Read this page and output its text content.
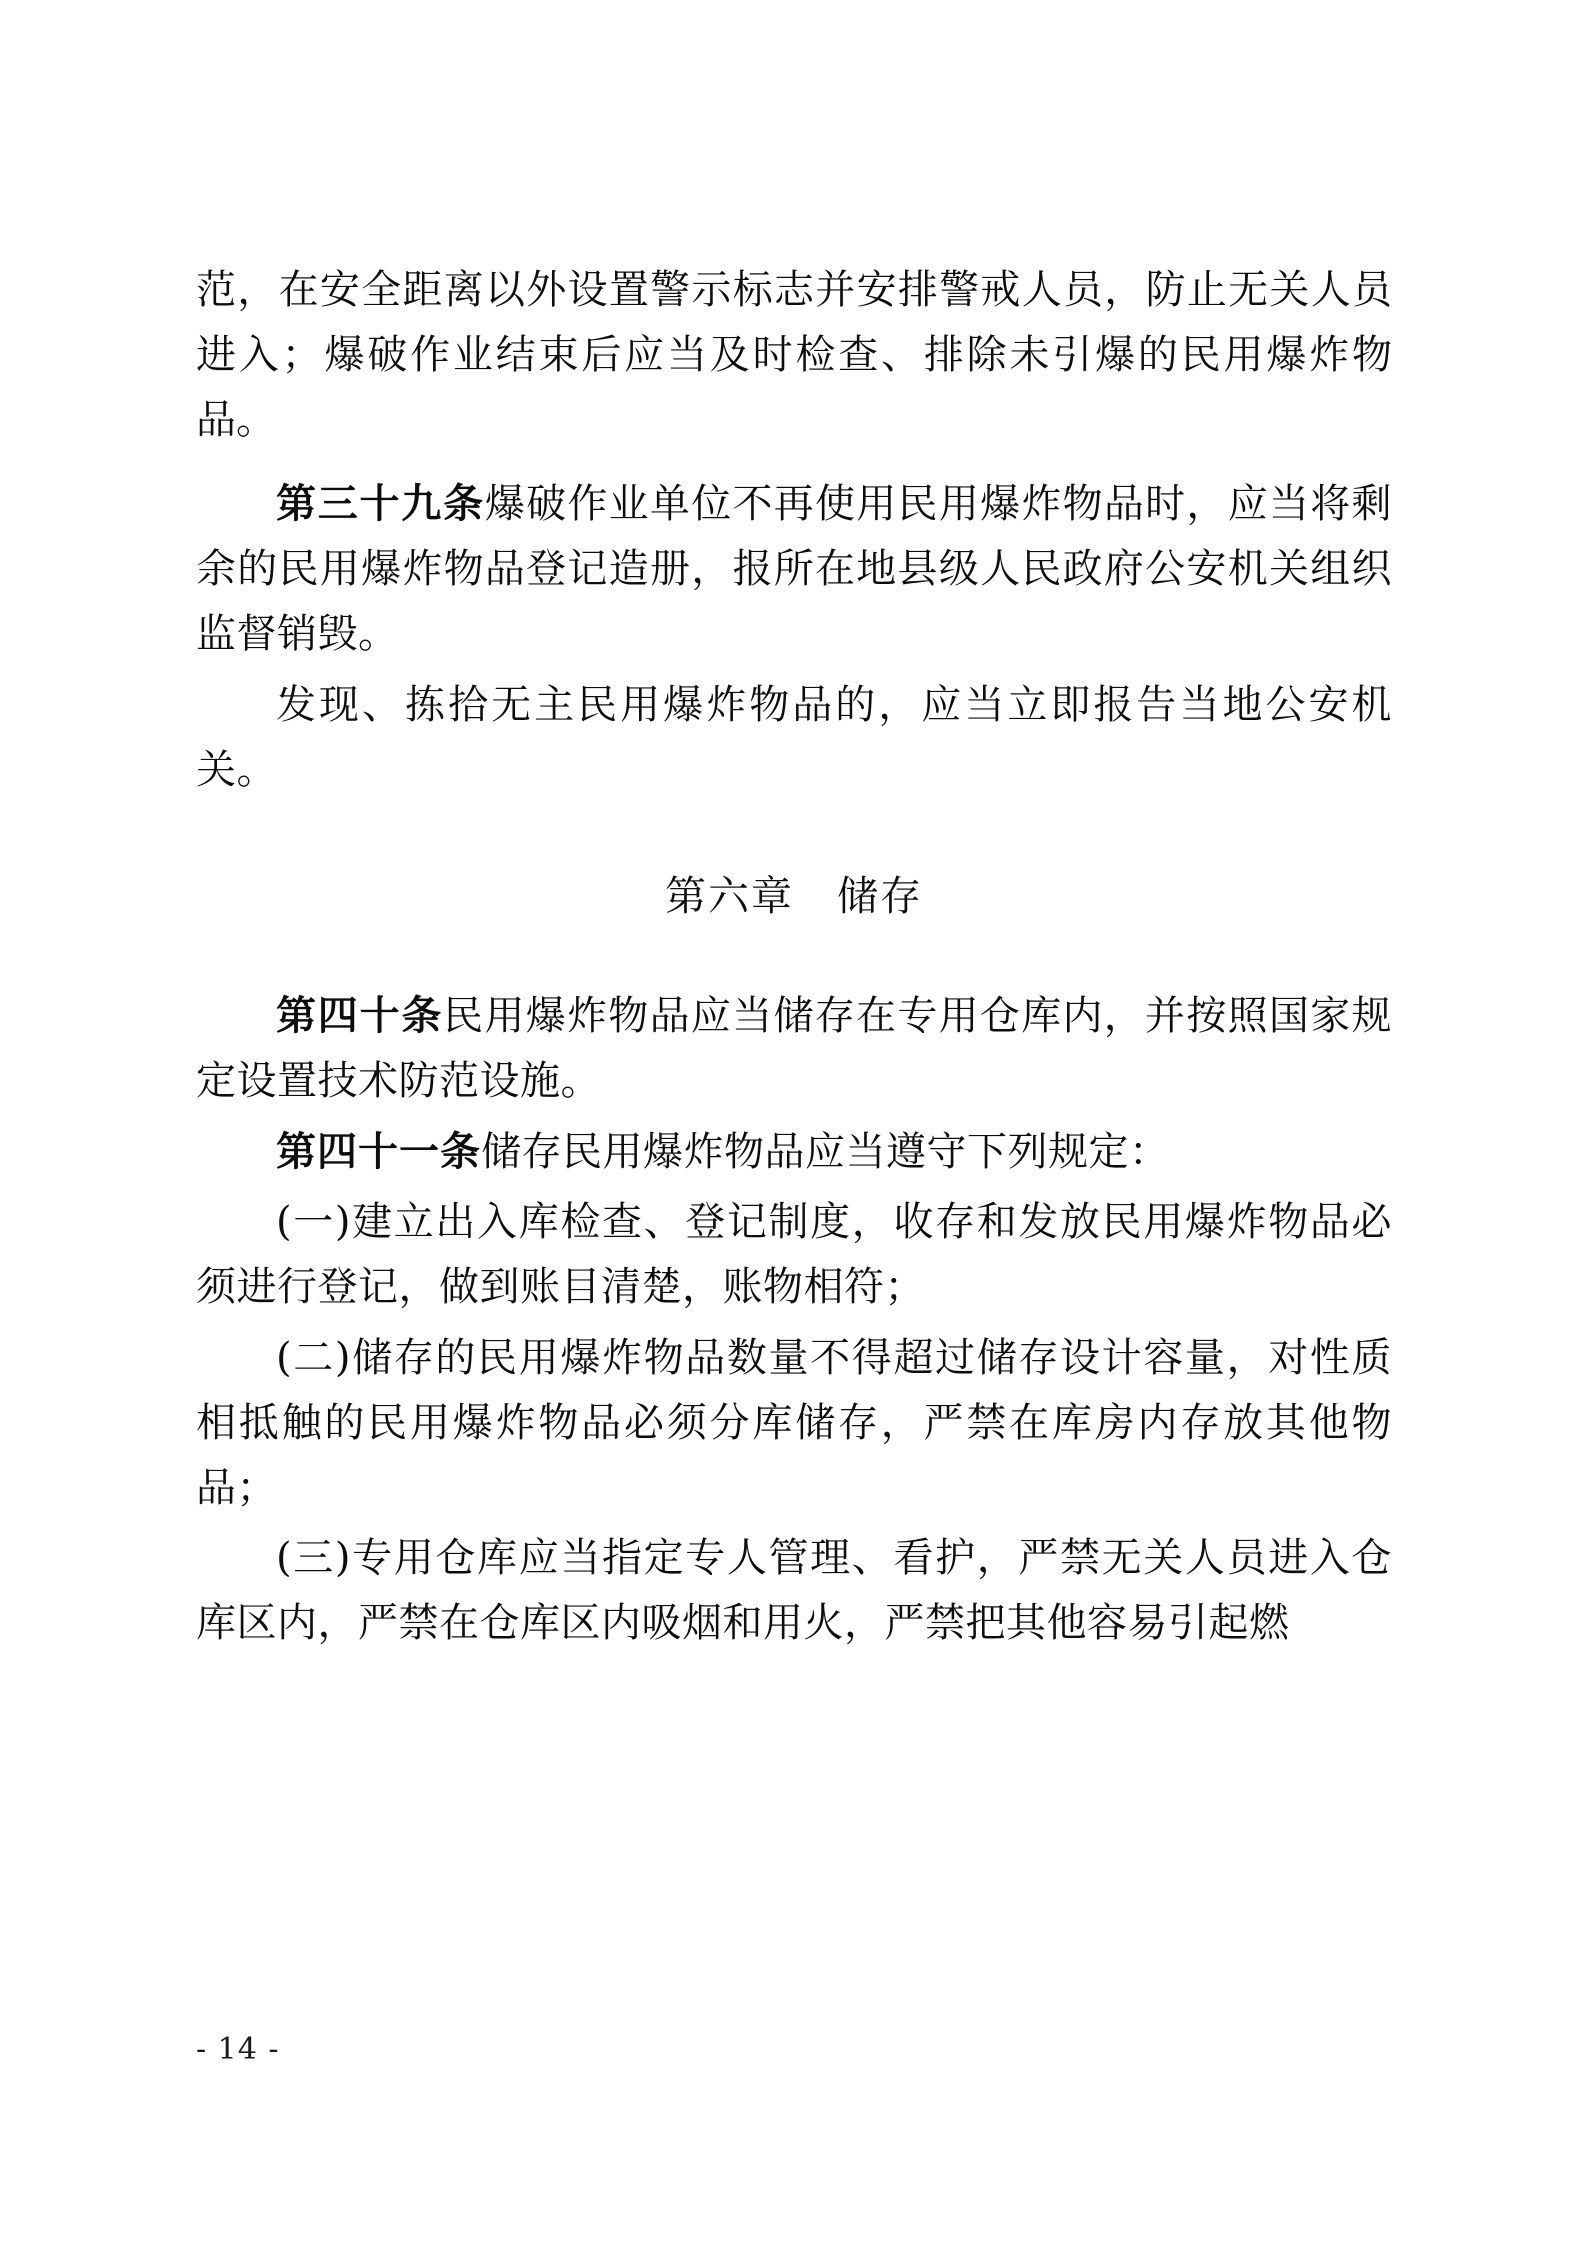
范，在安全距离以外设置警示标志并安排警戒人员，防止无关人员进入；爆破作业结束后应当及时检查、排除未引爆的民用爆炸物品。

第三十九条爆破作业单位不再使用民用爆炸物品时，应当将剩余的民用爆炸物品登记造册，报所在地县级人民政府公安机关组织监督销毁。

发现、拣拾无主民用爆炸物品的，应当立即报告当地公安机关。

第六章　储存

第四十条民用爆炸物品应当储存在专用仓库内，并按照国家规定设置技术防范设施。

第四十一条储存民用爆炸物品应当遵守下列规定：

(一)建立出入库检查、登记制度，收存和发放民用爆炸物品必须进行登记，做到账目清楚，账物相符；

(二)储存的民用爆炸物品数量不得超过储存设计容量，对性质相抵触的民用爆炸物品必须分库储存，严禁在库房内存放其他物品；

(三)专用仓库应当指定专人管理、看护，严禁无关人员进入仓库区内，严禁在仓库区内吸烟和用火，严禁把其他容易引起燃

- 14 -
